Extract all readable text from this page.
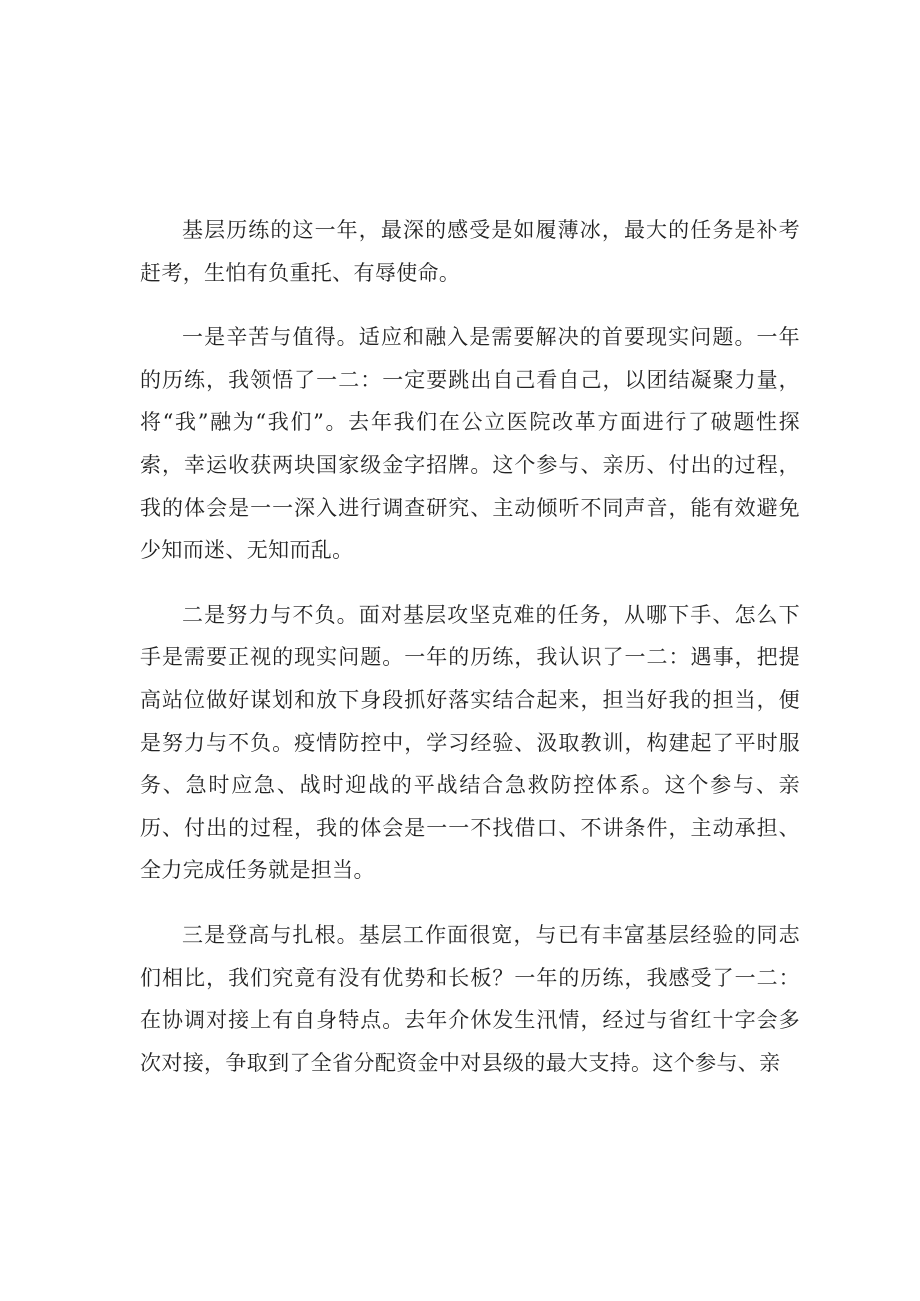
基层历练的这一年，最深的感受是如履薄冰，最大的任务是补考赶考，生怕有负重托、有辱使命。

一是辛苦与值得。适应和融入是需要解决的首要现实问题。一年的历练，我领悟了一二：一定要跳出自己看自己，以团结凝聚力量，将“我”融为“我们”。去年我们在公立医院改革方面进行了破题性探索，幸运收获两块国家级金字招牌。这个参与、亲历、付出的过程，我的体会是一一深入进行调查研究、主动倾听不同声音，能有效避免少知而迷、无知而乱。

二是努力与不负。面对基层攻坚克难的任务，从哪下手、怎么下手是需要正视的现实问题。一年的历练，我认识了一二：遇事，把提高站位做好谋划和放下身段抓好落实结合起来，担当好我的担当，便是努力与不负。疫情防控中，学习经验、汲取教训，构建起了平时服务、急时应急、战时迎战的平战结合急救防控体系。这个参与、亲历、付出的过程，我的体会是一一不找借口、不讲条件，主动承担、全力完成任务就是担当。

三是登高与扎根。基层工作面很宽，与已有丰富基层经验的同志们相比，我们究竟有没有优势和长板？一年的历练，我感受了一二：在协调对接上有自身特点。去年介休发生汛情，经过与省红十字会多次对接，争取到了全省分配资金中对县级的最大支持。这个参与、亲
